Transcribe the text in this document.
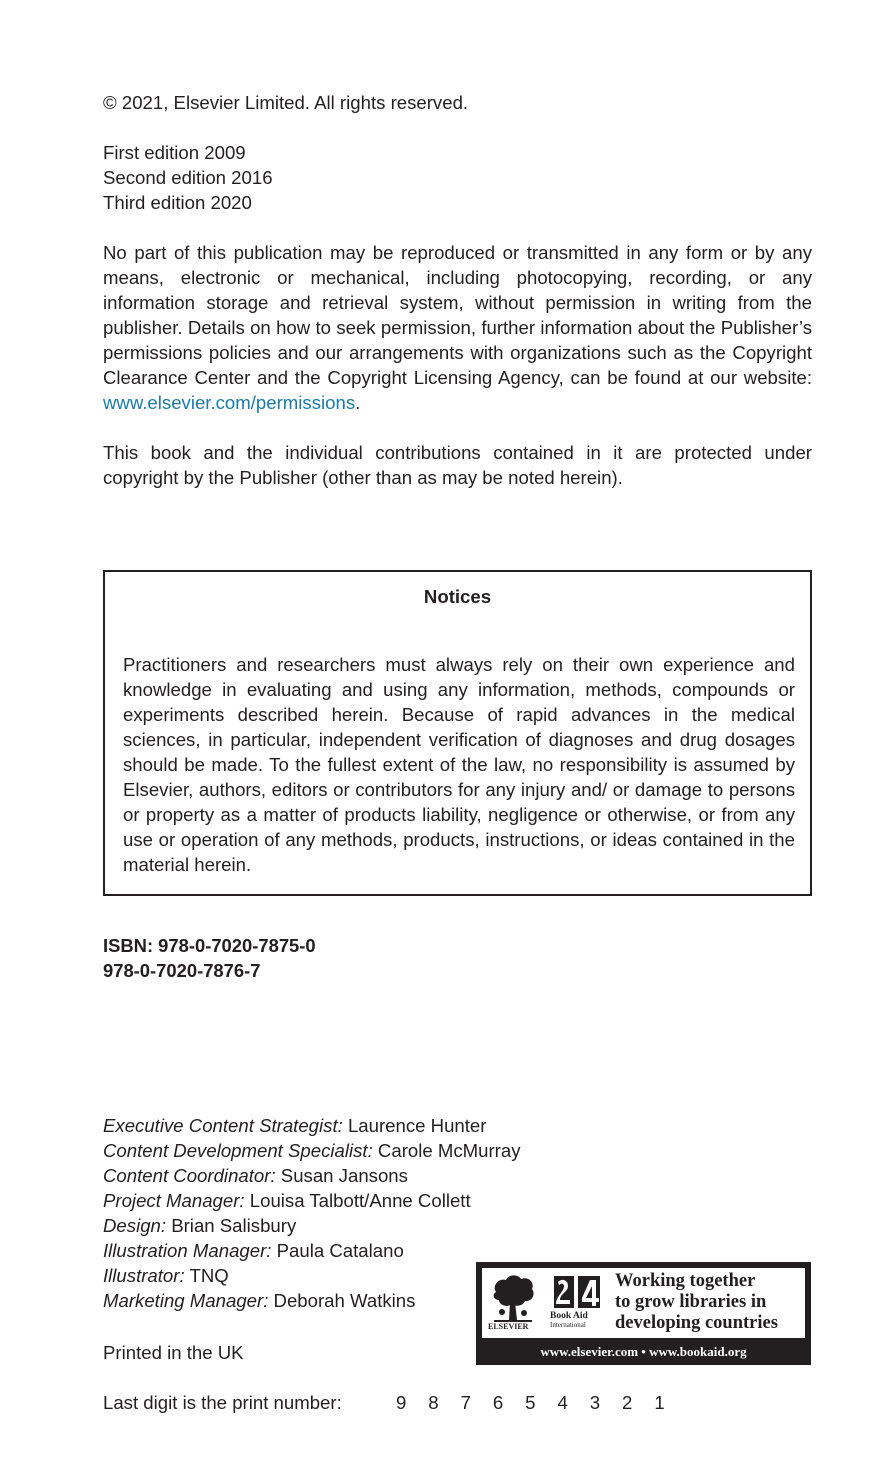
© 2021, Elsevier Limited. All rights reserved.

First edition 2009

Second edition 2016

Third edition 2020

No part of this publication may be reproduced or transmitted in any form or by any means, electronic or mechanical, including photocopying, recording, or any information storage and retrieval system, without permission in writing from the publisher. Details on how to seek permission, further information about the Publisher’s permissions policies and our arrangements with organizations such as the Copyright Clearance Center and the Copyright Licensing Agency, can be found at our website: www.elsevier.com/permissions.

This book and the individual contributions contained in it are protected under copyright by the Publisher (other than as may be noted herein).

Notices

Practitioners and researchers must always rely on their own experience and knowledge in evaluating and using any information, methods, compounds or experiments described herein. Because of rapid advances in the medical sciences, in particular, independent verification of diagnoses and drug dosages should be made. To the fullest extent of the law, no responsibility is assumed by Elsevier, authors, editors or contributors for any injury and/ or damage to persons or property as a matter of products liability, negligence or otherwise, or from any use or operation of any methods, products, instructions, or ideas contained in the material herein.

ISBN: 978-0-7020-7875-0
978-0-7020-7876-7

Executive Content Strategist: Laurence Hunter

Content Development Specialist: Carole McMurray

Content Coordinator: Susan Jansons

Project Manager: Louisa Talbott/Anne Collett

Design: Brian Salisbury

Illustration Manager: Paula Catalano

Illustrator: TNQ

Marketing Manager: Deborah Watkins

Printed in the UK

Last digit is the print number:	9 8 7 6 5 4 3 2 1

ELSEVIER
Book Aid
International
Working together
to grow libraries in
developing countries
www.elsevier.com • www.bookaid.org
